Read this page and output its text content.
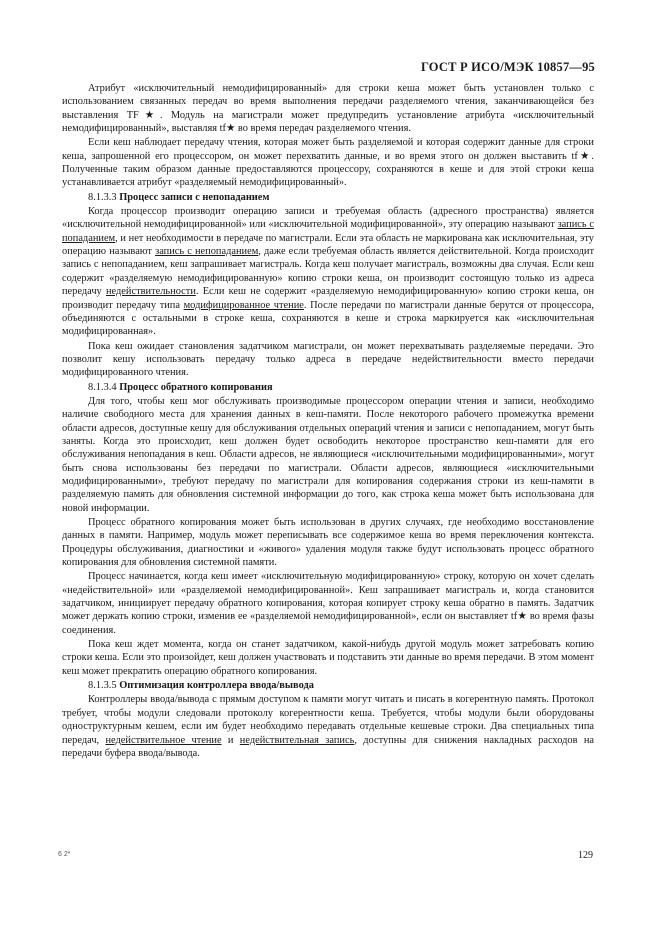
ГОСТ Р ИСО/МЭК 10857—95

Атрибут «исключительный немодифицированный» для строки кеша может быть установлен только с использованием связанных передач во время выполнения передачи разделяемого чтения, заканчивающейся без выставления TF★. Модуль на магистрали может предупредить установление атрибута «исключительный немодифицированный», выставляя tf★ во время передач разделяемого чтения.

Если кеш наблюдает передачу чтения, которая может быть разделяемой и которая содержит данные для строки кеша, запрошенной его процессором, он может перехватить данные, и во время этого он должен выставить tf★. Полученные таким образом данные предоставляются процессору, сохраняются в кеше и для этой строки кеша устанавливается атрибут «разделяемый немодифицированный».

8.1.3.3 Процесс записи с непопаданием

Когда процессор производит операцию записи и требуемая область (адресного пространства) является «исключительной немодифицированной» или «исключительной модифицированной», эту операцию называют запись с попаданием, и нет необходимости в передаче по магистрали. Если эта область не маркирована как исключительная, эту операцию называют запись с непопаданием, даже если требуемая область является действительной. Когда происходит запись с непопаданием, кеш запрашивает магистраль. Когда кеш получает магистраль, возможны два случая. Если кеш содержит «разделяемую немодифицированную» копию строки кеша, он производит состоящую только из адреса передачу недействительности. Если кеш не содержит «разделяемую немодифицированную» копию строки кеша, он производит передачу типа модифицированное чтение. После передачи по магистрали данные берутся от процессора, объединяются с остальными в строке кеша, сохраняются в кеше и строка маркируется как «исключительная модифицированная».

Пока кеш ожидает становления задатчиком магистрали, он может перехватывать разделяемые передачи. Это позволит кешу использовать передачу только адреса в передаче недействительности вместо передачи модифицированного чтения.

8.1.3.4 Процесс обратного копирования

Для того, чтобы кеш мог обслуживать производимые процессором операции чтения и записи, необходимо наличие свободного места для хранения данных в кеш-памяти. После некоторого рабочего промежутка времени области адресов, доступные кешу для обслуживания отдельных операций чтения и записи с непопаданием, могут быть заняты. Когда это происходит, кеш должен будет освободить некоторое пространство кеш-памяти для его обслуживания непопадания в кеш. Области адресов, не являющиеся «исключительными модифицированными», могут быть снова использованы без передачи по магистрали. Области адресов, являющиеся «исключительными модифицированными», требуют передачу по магистрали для копирования содержания строки из кеш-памяти в разделяемую память для обновления системной информации до того, как строка кеша может быть использована для новой информации.

Процесс обратного копирования может быть использован в других случаях, где необходимо восстановление данных в памяти. Например, модуль может переписывать все содержимое кеша во время переключения контекста. Процедуры обслуживания, диагностики и «живого» удаления модуля также будут использовать процесс обратного копирования для обновления системной памяти.

Процесс начинается, когда кеш имеет «исключительную модифицированную» строку, которую он хочет сделать «недействительной» или «разделяемой немодифицированной». Кеш запрашивает магистраль и, когда становится задатчиком, инициирует передачу обратного копирования, которая копирует строку кеша обратно в память. Задатчик может держать копию строки, изменив ее «разделяемой немодифицированной», если он выставляет tf★ во время фазы соединения.

Пока кеш ждет момента, когда он станет задатчиком, какой-нибудь другой модуль может затребовать копию строки кеша. Если это произойдет, кеш должен участвовать и подставить эти данные во время передачи. В этом момент кеш может прекратить операцию обратного копирования.

8.1.3.5 Оптимизация контроллера ввода/вывода

Контроллеры ввода/вывода с прямым доступом к памяти могут читать и писать в когерентную память. Протокол требует, чтобы модули следовали протоколу когерентности кеша. Требуется, чтобы модули были оборудованы одноструктурным кешем, если им будет необходимо передавать отдельные кешевые строки. Два специальных типа передач, недействительное чтение и недействительная запись, доступны для снижения накладных расходов на передачи буфера ввода/вывода.

6 2*	129
